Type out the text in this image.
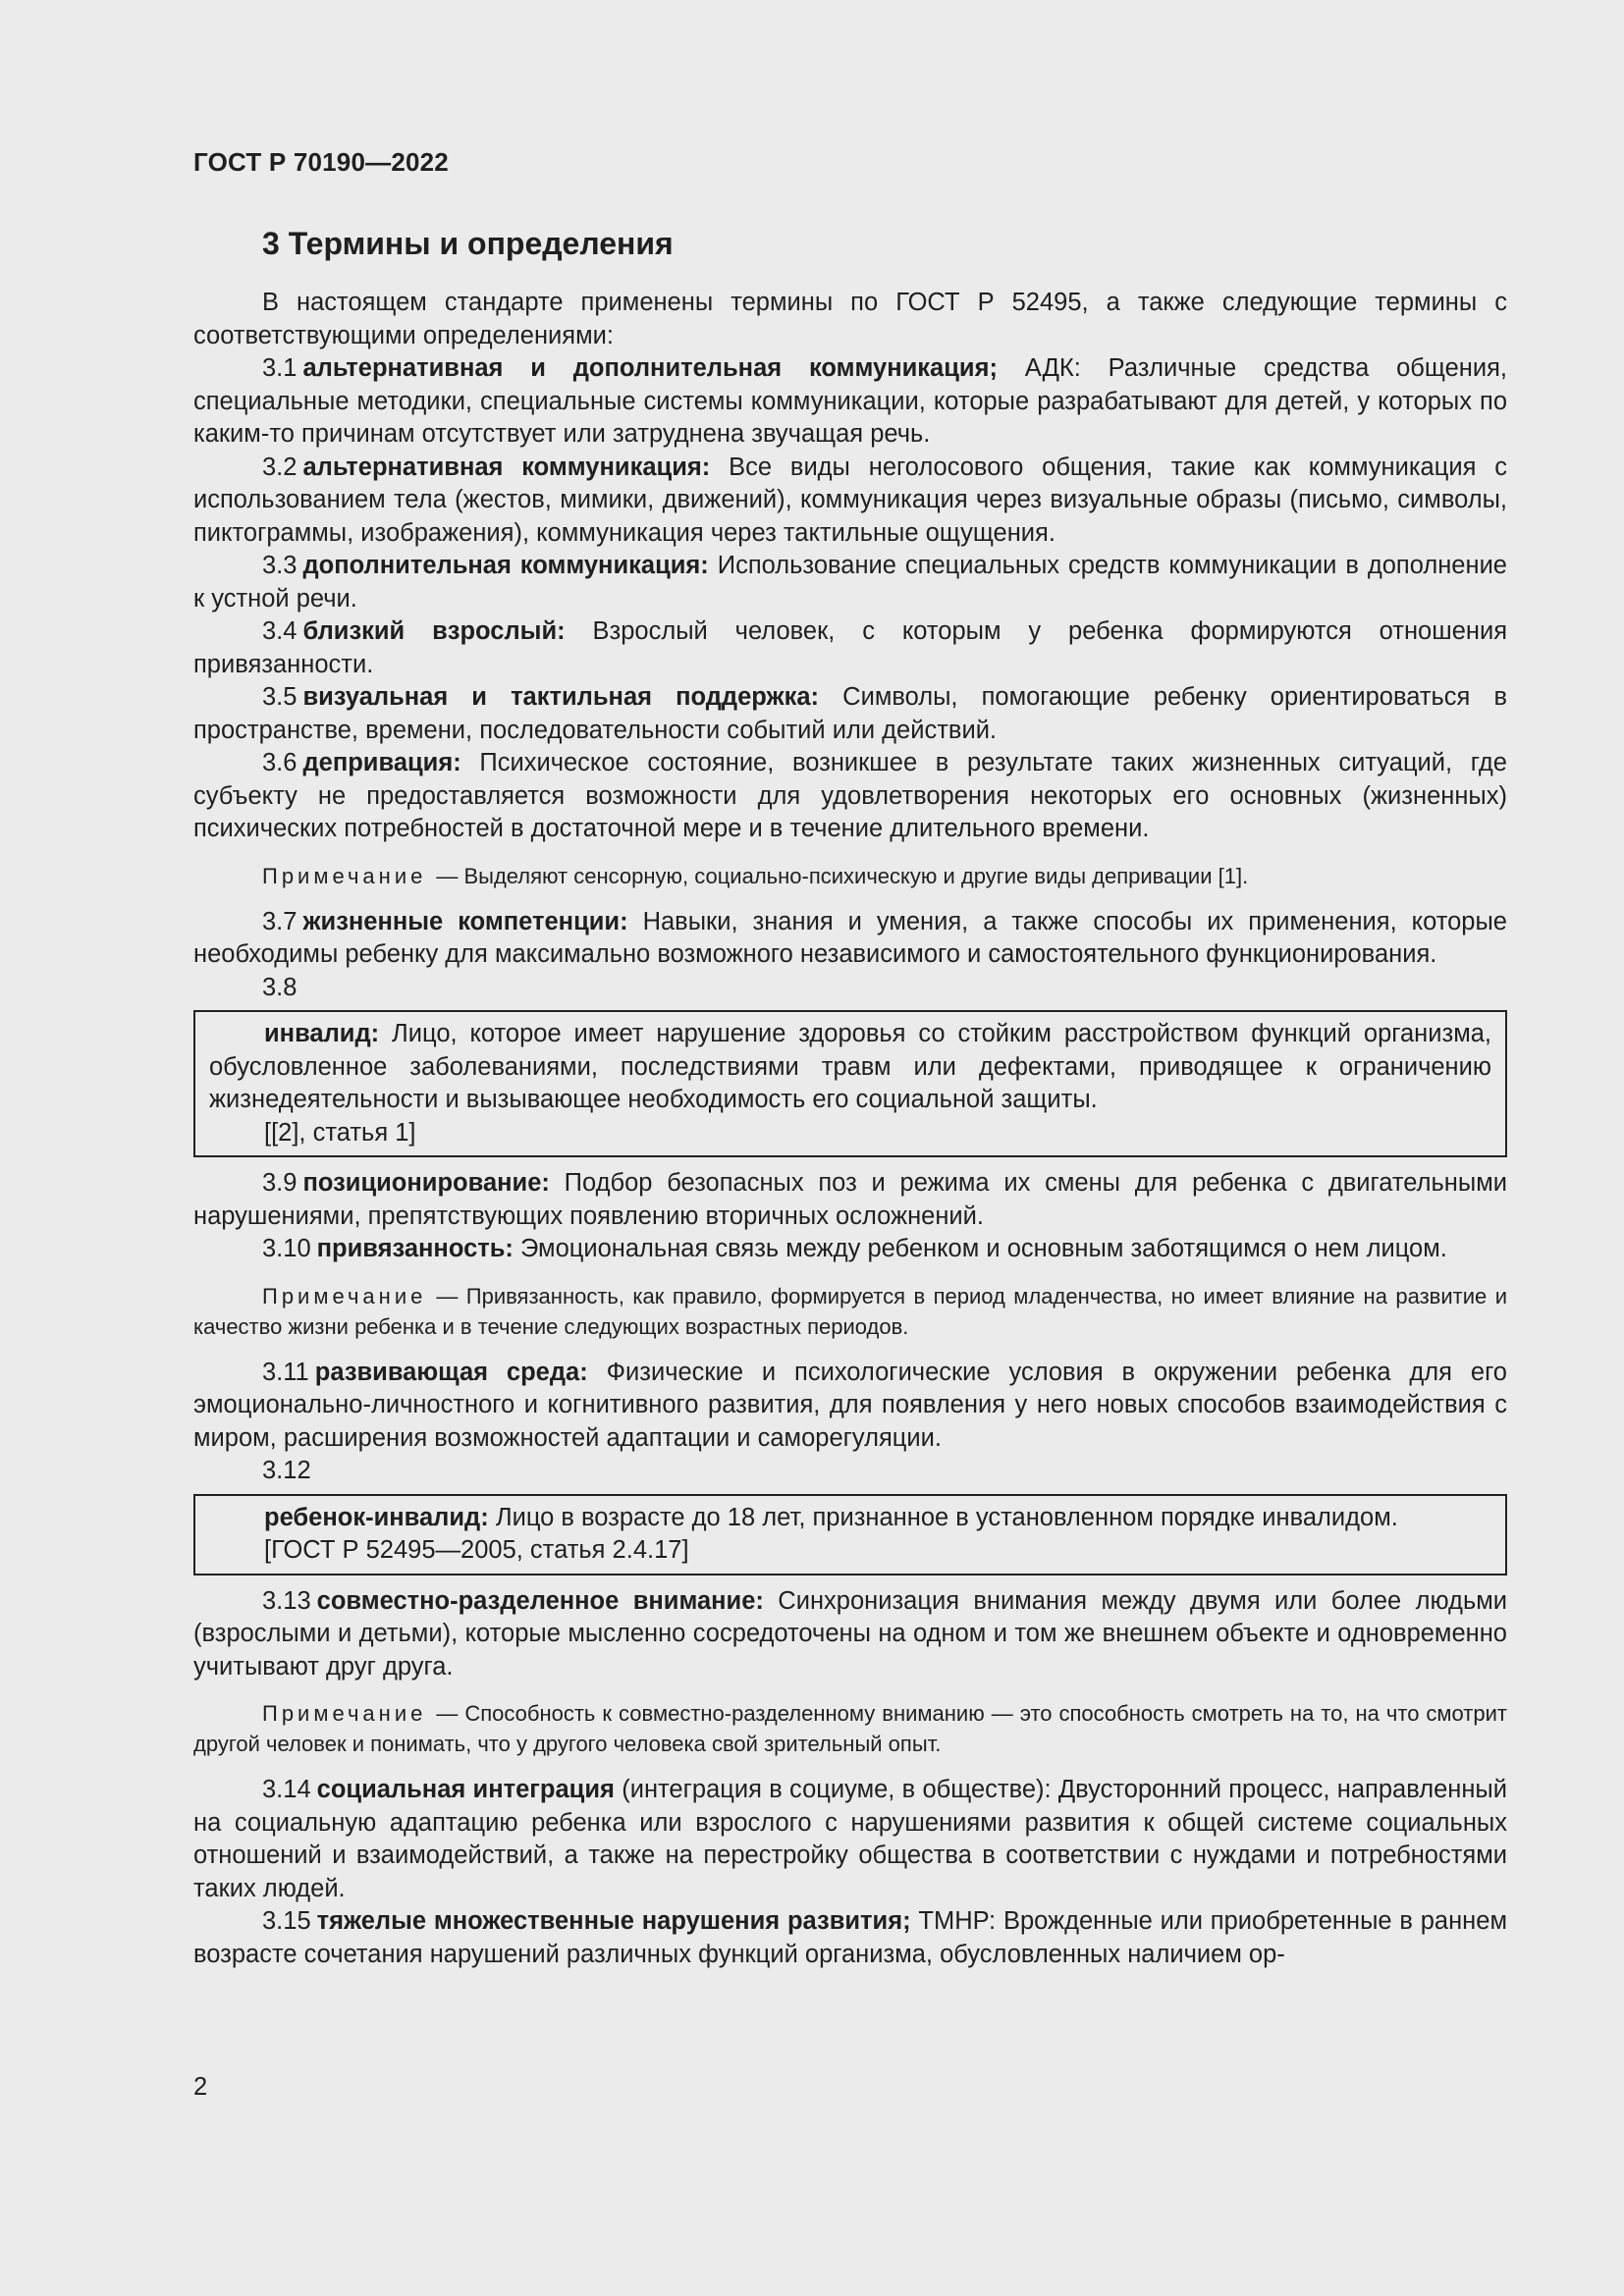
ГОСТ Р 70190—2022
3 Термины и определения

В настоящем стандарте применены термины по ГОСТ Р 52495, а также следующие термины с соответствующими определениями:

3.1 альтернативная и дополнительная коммуникация; АДК: Различные средства общения, специальные методики, специальные системы коммуникации, которые разрабатывают для детей, у которых по каким-то причинам отсутствует или затруднена звучащая речь.

3.2 альтернативная коммуникация: Все виды неголосового общения, такие как коммуникация с использованием тела (жестов, мимики, движений), коммуникация через визуальные образы (письмо, символы, пиктограммы, изображения), коммуникация через тактильные ощущения.

3.3 дополнительная коммуникация: Использование специальных средств коммуникации в дополнение к устной речи.

3.4 близкий взрослый: Взрослый человек, с которым у ребенка формируются отношения привязанности.

3.5 визуальная и тактильная поддержка: Символы, помогающие ребенку ориентироваться в пространстве, времени, последовательности событий или действий.

3.6 депривация: Психическое состояние, возникшее в результате таких жизненных ситуаций, где субъекту не предоставляется возможности для удовлетворения некоторых его основных (жизненных) психических потребностей в достаточной мере и в течение длительного времени.

Примечание — Выделяют сенсорную, социально-психическую и другие виды депривации [1].

3.7 жизненные компетенции: Навыки, знания и умения, а также способы их применения, которые необходимы ребенку для максимально возможного независимого и самостоятельного функционирования.

3.8

инвалид: Лицо, которое имеет нарушение здоровья со стойким расстройством функций организма, обусловленное заболеваниями, последствиями травм или дефектами, приводящее к ограничению жизнедеятельности и вызывающее необходимость его социальной защиты.

[[2], статья 1]

3.9 позиционирование: Подбор безопасных поз и режима их смены для ребенка с двигательными нарушениями, препятствующих появлению вторичных осложнений.

3.10 привязанность: Эмоциональная связь между ребенком и основным заботящимся о нем лицом.

Примечание — Привязанность, как правило, формируется в период младенчества, но имеет влияние на развитие и качество жизни ребенка и в течение следующих возрастных периодов.

3.11 развивающая среда: Физические и психологические условия в окружении ребенка для его эмоционально-личностного и когнитивного развития, для появления у него новых способов взаимодействия с миром, расширения возможностей адаптации и саморегуляции.

3.12

ребенок-инвалид: Лицо в возрасте до 18 лет, признанное в установленном порядке инвалидом.

[ГОСТ Р 52495—2005, статья 2.4.17]

3.13 совместно-разделенное внимание: Синхронизация внимания между двумя или более людьми (взрослыми и детьми), которые мысленно сосредоточены на одном и том же внешнем объекте и одновременно учитывают друг друга.

Примечание — Способность к совместно-разделенному вниманию — это способность смотреть на то, на что смотрит другой человек и понимать, что у другого человека свой зрительный опыт.

3.14 социальная интеграция (интеграция в социуме, в обществе): Двусторонний процесс, направленный на социальную адаптацию ребенка или взрослого с нарушениями развития к общей системе социальных отношений и взаимодействий, а также на перестройку общества в соответствии с нуждами и потребностями таких людей.

3.15 тяжелые множественные нарушения развития; ТМНР: Врожденные или приобретенные в раннем возрасте сочетания нарушений различных функций организма, обусловленных наличием ор-

2
